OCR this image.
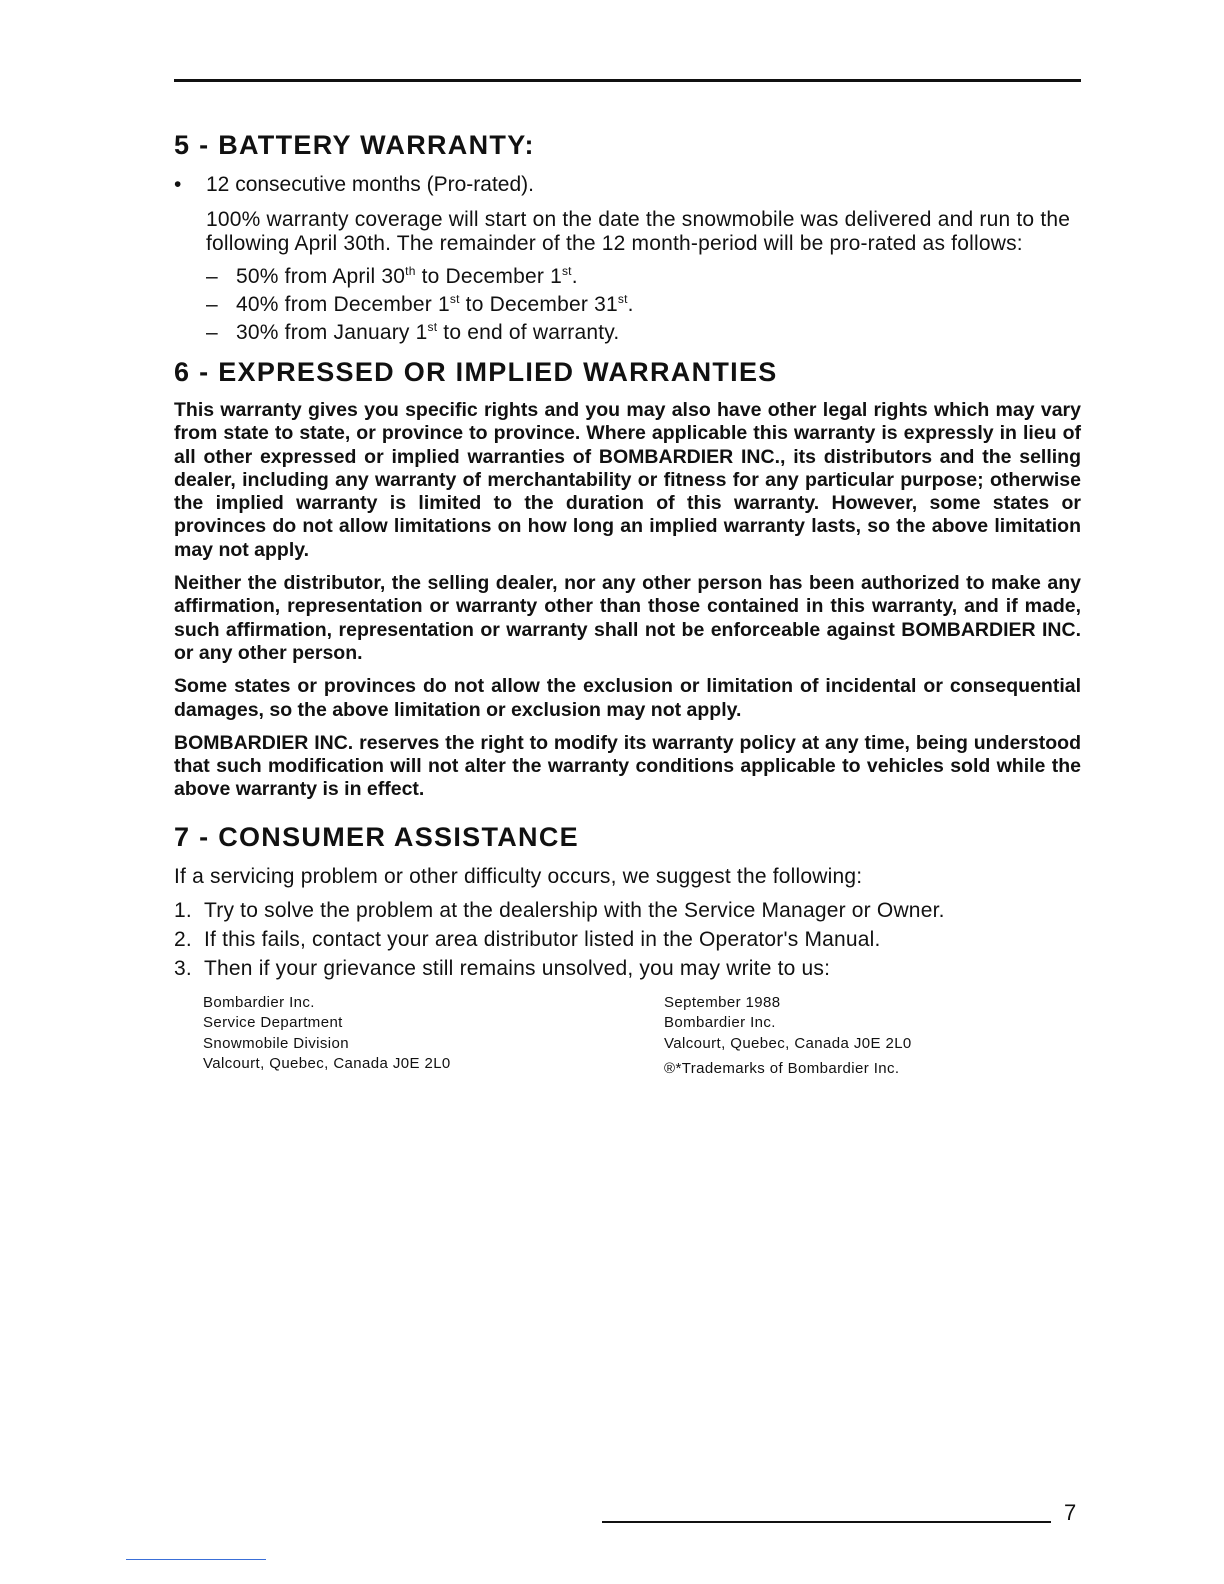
5 - BATTERY WARRANTY:
•	12 consecutive months (Pro-rated).
100% warranty coverage will start on the date the snowmobile was delivered and run to the following April 30th. The remainder of the 12 month-period will be pro-rated as follows:
– 50% from April 30th to December 1st.
– 40% from December 1st to December 31st.
– 30% from January 1st to end of warranty.
6 - EXPRESSED OR IMPLIED WARRANTIES

This warranty gives you specific rights and you may also have other legal rights which may vary from state to state, or province to province. Where applicable this warranty is expressly in lieu of all other expressed or implied warranties of BOMBARDIER INC., its distributors and the selling dealer, including any warranty of merchantability or fitness for any particular purpose; otherwise the implied warranty is limited to the duration of this warranty. However, some states or provinces do not allow limitations on how long an implied warranty lasts, so the above limitation may not apply.

Neither the distributor, the selling dealer, nor any other person has been authorized to make any affirmation, representation or warranty other than those contained in this warranty, and if made, such affirmation, representation or warranty shall not be enforceable against BOMBARDIER INC. or any other person.

Some states or provinces do not allow the exclusion or limitation of incidental or consequential damages, so the above limitation or exclusion may not apply.

BOMBARDIER INC. reserves the right to modify its warranty policy at any time, being understood that such modification will not alter the warranty conditions applicable to vehicles sold while the above warranty is in effect.

7 - CONSUMER ASSISTANCE

If a servicing problem or other difficulty occurs, we suggest the following:

1. Try to solve the problem at the dealership with the Service Manager or Owner.
2. If this fails, contact your area distributor listed in the Operator's Manual.
3. Then if your grievance still remains unsolved, you may write to us:
Bombardier Inc.
Service Department
Snowmobile Division
Valcourt, Quebec, Canada J0E 2L0
September 1988
Bombardier Inc.
Valcourt, Quebec, Canada J0E 2L0
®*Trademarks of Bombardier Inc.
7
